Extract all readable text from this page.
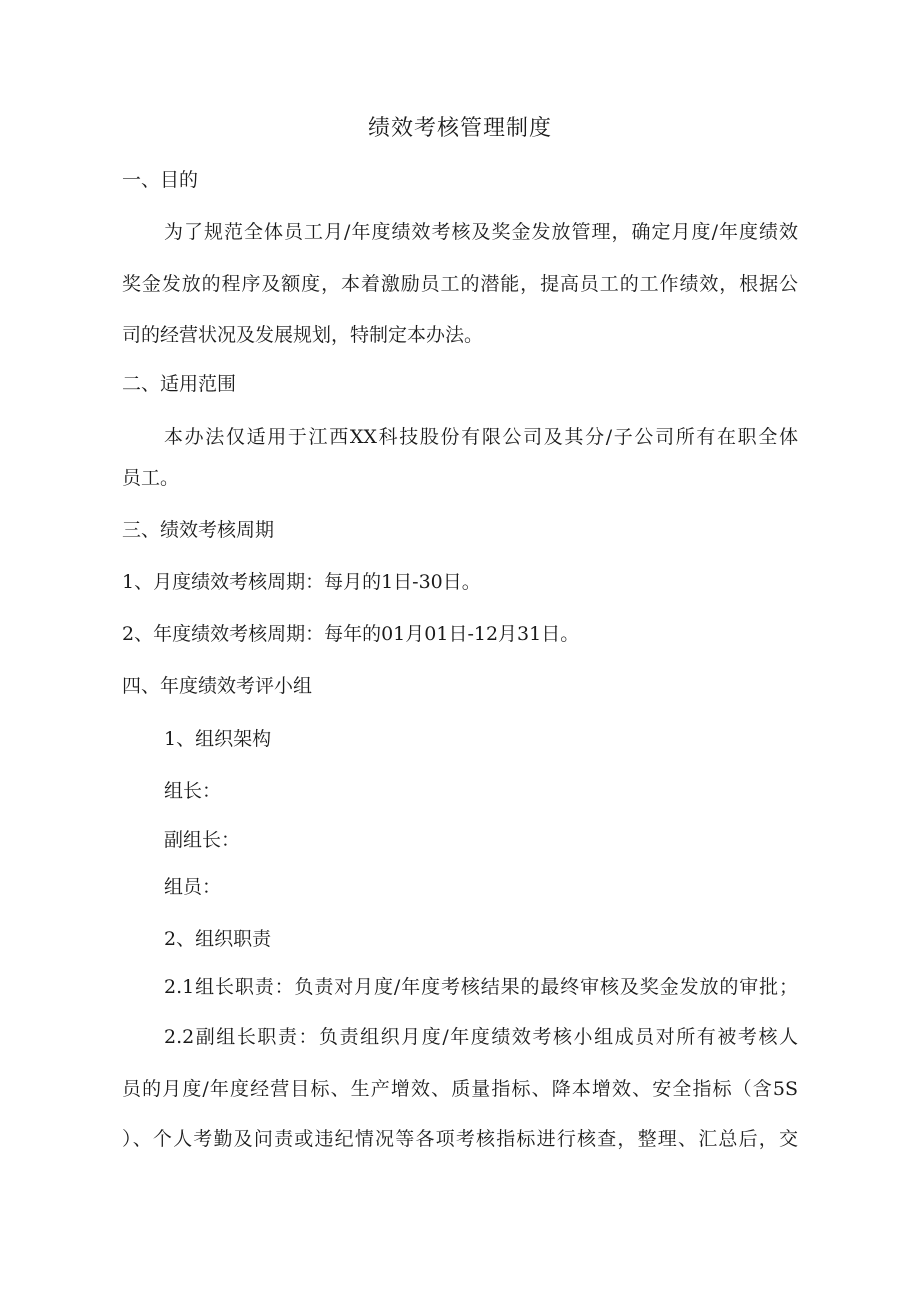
绩效考核管理制度
一、目的
为了规范全体员工月/年度绩效考核及奖金发放管理，确定月度/年度绩效
奖金发放的程序及额度，本着激励员工的潜能，提高员工的工作绩效，根据公
司的经营状况及发展规划，特制定本办法。
二、适用范围
本办法仅适用于江西XX科技股份有限公司及其分/子公司所有在职全体
员工。
三、绩效考核周期
1、月度绩效考核周期：每月的1日-30日。
2、年度绩效考核周期：每年的01月01日-12月31日。
四、年度绩效考评小组
1、组织架构
组长：
副组长：
组员：
2、组织职责
2.1组长职责：负责对月度/年度考核结果的最终审核及奖金发放的审批；
2.2副组长职责：负责组织月度/年度绩效考核小组成员对所有被考核人
员的月度/年度经营目标、生产增效、质量指标、降本增效、安全指标（含5S
）、个人考勤及问责或违纪情况等各项考核指标进行核查，整理、汇总后，交
